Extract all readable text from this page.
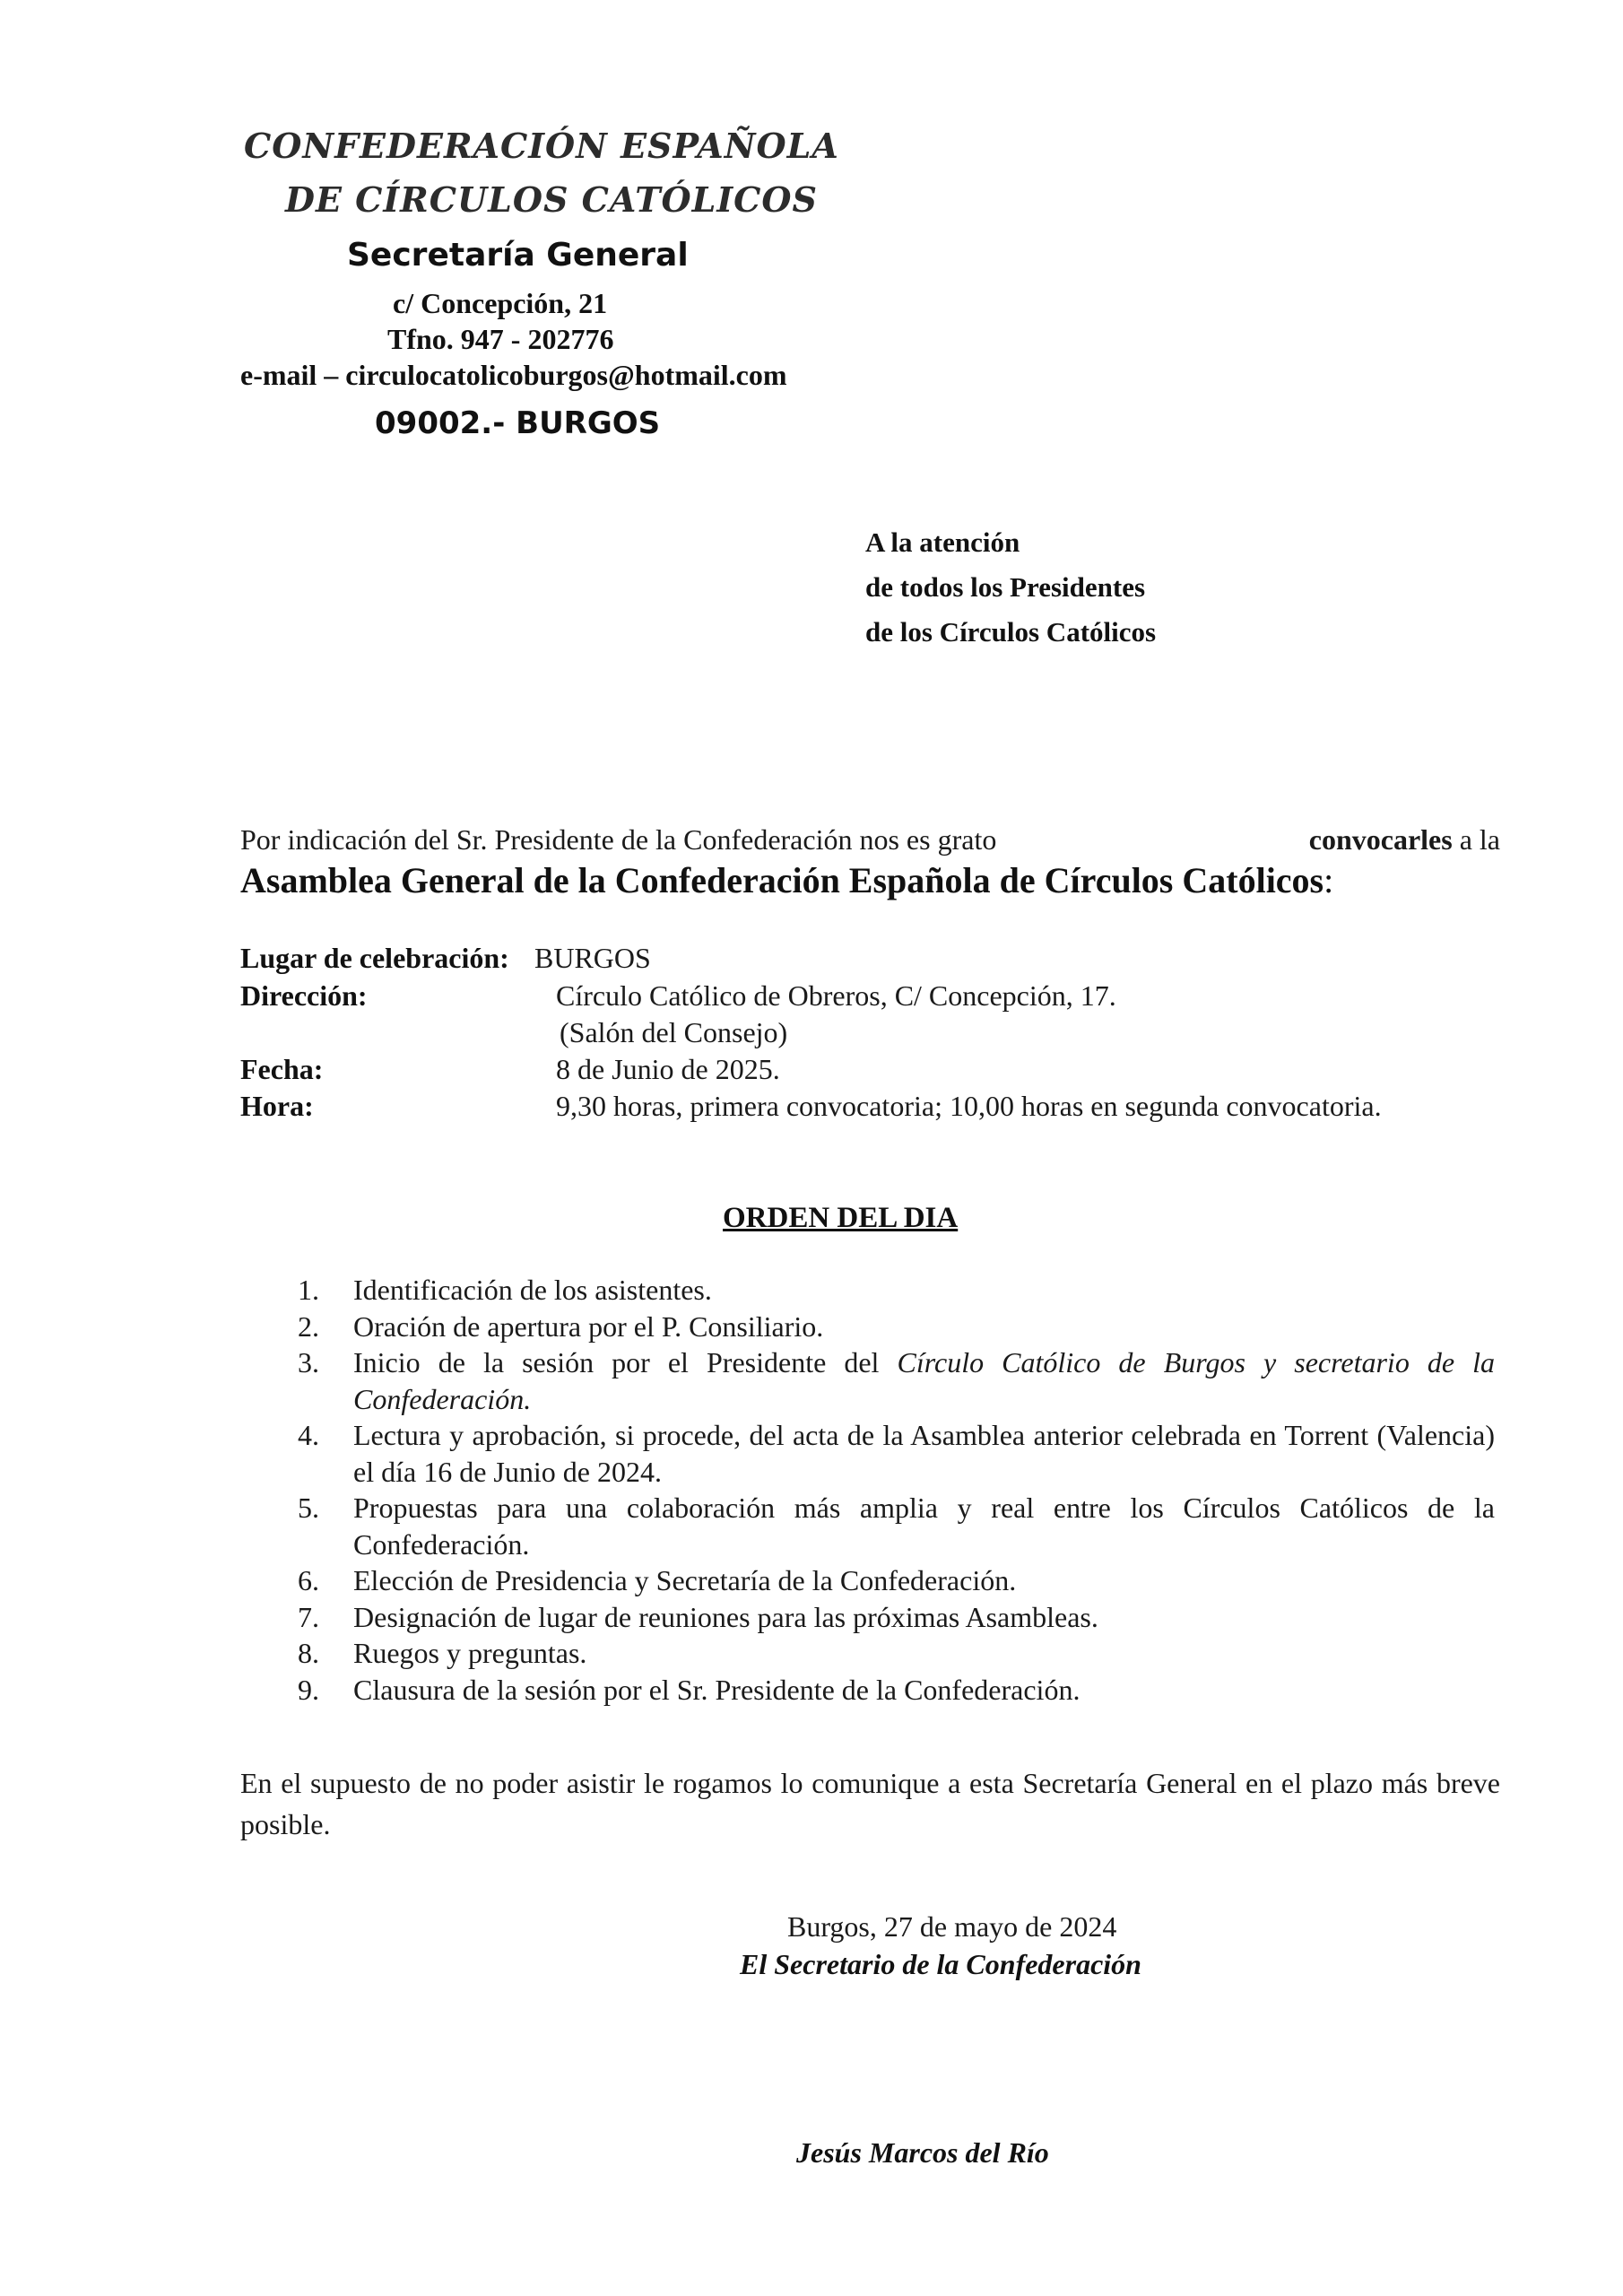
CONFEDERACIÓN ESPAÑOLA
DE CÍRCULOS CATÓLICOS
Secretaría General
c/ Concepción, 21
Tfno. 947 - 202776
e-mail – circulocatolicoburgos@hotmail.com
09002.- BURGOS
A la atención
de todos los Presidentes
de los Círculos Católicos
Por indicación del Sr. Presidente de la Confederación nos es grato	convocarles a la
Asamblea General de la Confederación Española de Círculos Católicos:
Lugar de celebración: BURGOS
Dirección:	Círculo Católico de Obreros, C/ Concepción, 17.
(Salón del Consejo)
Fecha:	8 de Junio de 2025.
Hora:	9,30 horas, primera convocatoria; 10,00 horas en segunda convocatoria.
ORDEN DEL DIA
1.	Identificación de los asistentes.
2.	Oración de apertura por el P. Consiliario.
3.	Inicio de la sesión por el Presidente del Círculo Católico de Burgos y secretario de la Confederación.
4.	Lectura y aprobación, si procede, del acta de la Asamblea anterior celebrada en Torrent (Valencia) el día 16 de Junio de 2024.
5.	Propuestas para una colaboración más amplia y real entre los Círculos Católicos de la Confederación.
6.	Elección de Presidencia y Secretaría de la Confederación.
7.	Designación de lugar de reuniones para las próximas Asambleas.
8.	Ruegos y preguntas.
9.	Clausura de la sesión por el Sr. Presidente de la Confederación.
En el supuesto de no poder asistir le rogamos lo comunique a esta Secretaría General en el plazo más breve posible.
Burgos, 27 de mayo de 2024
El Secretario de la Confederación
Jesús Marcos del Río
